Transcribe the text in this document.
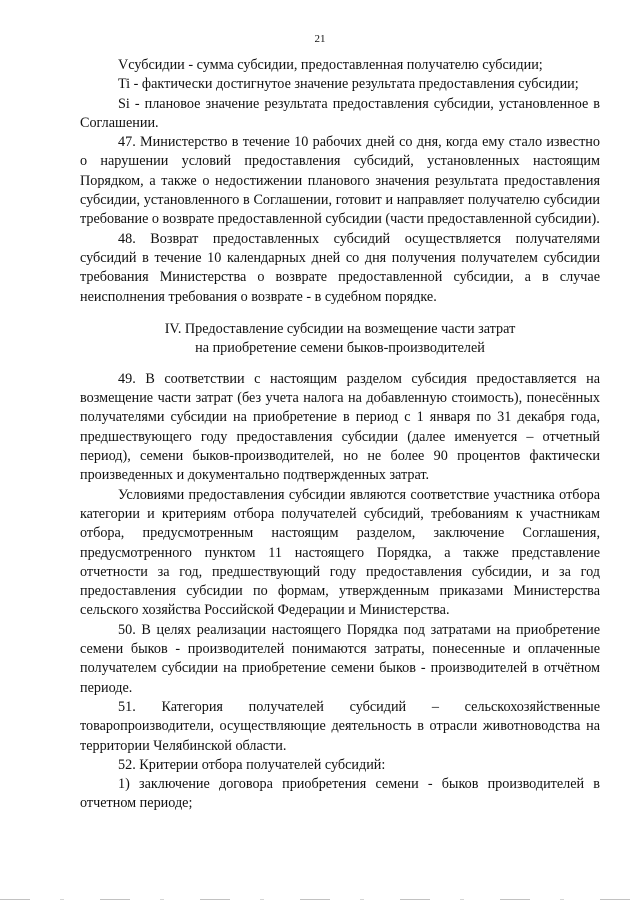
21

Vсубсидии - сумма субсидии, предоставленная получателю субсидии;

Ti - фактически достигнутое значение результата предоставления субсидии;

Si - плановое значение результата предоставления субсидии, установленное в Соглашении.

47. Министерство в течение 10 рабочих дней со дня, когда ему стало известно о нарушении условий предоставления субсидий, установленных настоящим Порядком, а также о недостижении планового значения результата предоставления субсидии, установленного в Соглашении, готовит и направляет получателю субсидии требование о возврате предоставленной субсидии (части предоставленной субсидии).

48. Возврат предоставленных субсидий осуществляется получателями субсидий в течение 10 календарных дней со дня получения получателем субсидии требования Министерства о возврате предоставленной субсидии, а в случае неисполнения требования о возврате - в судебном порядке.

IV. Предоставление субсидии на возмещение части затрат
на приобретение семени быков-производителей

49. В соответствии с настоящим разделом субсидия предоставляется на возмещение части затрат (без учета налога на добавленную стоимость), понесённых получателями субсидии на приобретение в период с 1 января по 31 декабря года, предшествующего году предоставления субсидии (далее именуется – отчетный период), семени быков-производителей, но не более 90 процентов фактически произведенных и документально подтвержденных затрат.

Условиями предоставления субсидии являются соответствие участника отбора категории и критериям отбора получателей субсидий, требованиям к участникам отбора, предусмотренным настоящим разделом, заключение Соглашения, предусмотренного пунктом 11 настоящего Порядка, а также представление отчетности за год, предшествующий году предоставления субсидии, и за год предоставления субсидии по формам, утвержденным приказами Министерства сельского хозяйства Российской Федерации и Министерства.

50. В целях реализации настоящего Порядка под затратами на приобретение семени быков - производителей понимаются затраты, понесенные и оплаченные получателем субсидии на приобретение семени быков - производителей в отчётном периоде.

51. Категория получателей субсидий – сельскохозяйственные товаропроизводители, осуществляющие деятельность в отрасли животноводства на территории Челябинской области.

52. Критерии отбора получателей субсидий:

1) заключение договора приобретения семени - быков производителей в отчетном периоде;
